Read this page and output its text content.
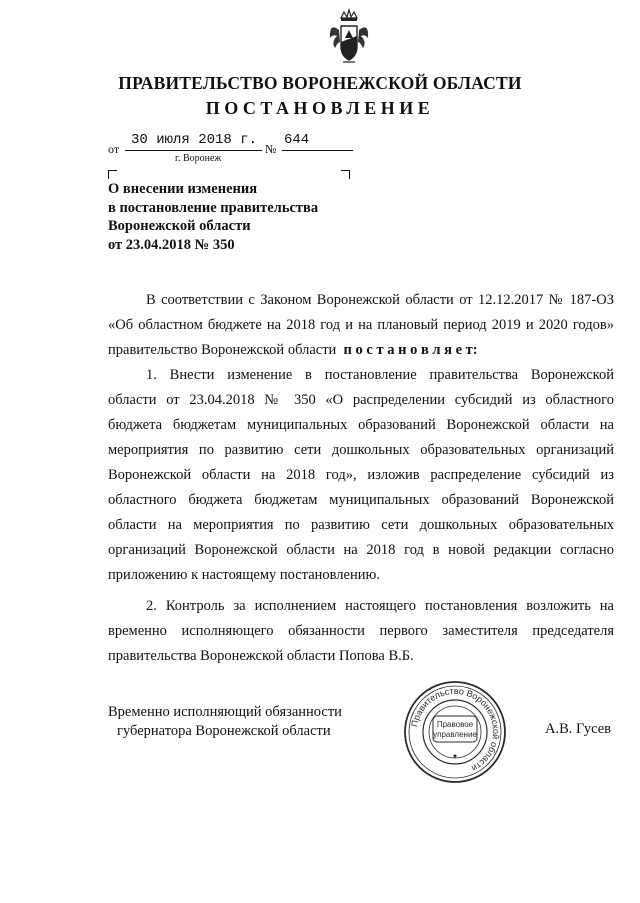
ПРАВИТЕЛЬСТВО ВОРОНЕЖСКОЙ ОБЛАСТИ
ПОСТАНОВЛЕНИЕ
от
30 июля 2018 г.
№
644
г. Воронеж
О внесении изменения
в постановление правительства
Воронежской области
от 23.04.2018 № 350
В соответствии с Законом Воронежской области от 12.12.2017 № 187-ОЗ
«Об областном бюджете на 2018 год и на плановый период 2019 и 2020 годов»
правительство Воронежской области п о с т а н о в л я е т:
1. Внести изменение в постановление правительства Воронежской
области от 23.04.2018 № 350 «О распределении субсидий из областного
бюджета бюджетам муниципальных образований Воронежской области на
мероприятия по развитию сети дошкольных образовательных организаций
Воронежской области на 2018 год», изложив распределение субсидий из
областного бюджета бюджетам муниципальных образований Воронежской
области на мероприятия по развитию сети дошкольных образовательных
организаций Воронежской области на 2018 год в новой редакции согласно
приложению к настоящему постановлению.
2. Контроль за исполнением настоящего постановления возложить на
временно исполняющего обязанности первого заместителя председателя
правительства Воронежской области Попова В.Б.
Временно исполняющий обязанности
губернатора Воронежской области	А.В. Гусев
Правительство Воронежской области
Правовое
управление
